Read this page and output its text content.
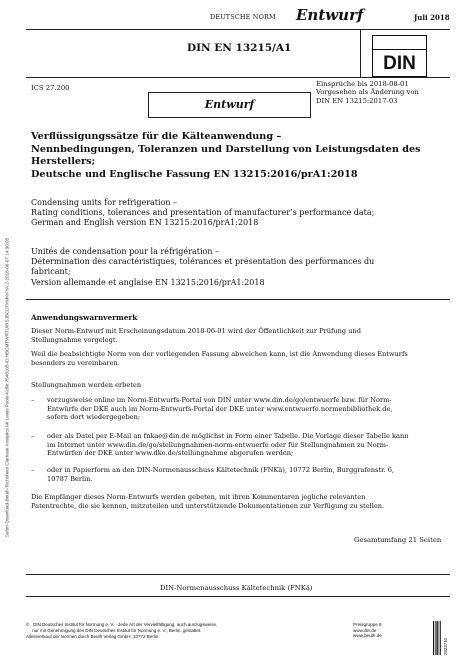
Sofort-Download-Beuth-Techsheet Clarivate Analytics Mr Lewis Poole-KdNr.7548105-ID.HBCMTWRTUIRSJBCDTKMKKYA.2-2018-06-07 14:30:05
DEUTSCHE NORM Entwurf	Juli 2018
DIN EN 13215/A1
DIN
ICS 27.200	Einsprüche bis 2018-08-01
Vorgesehen als Änderung von
DIN EN 13215:2017-03
Entwurf
Verflüssigungssätze für die Kälteanwendung –
Nennbedingungen, Toleranzen und Darstellung von Leistungsdaten des
Herstellers;
Deutsche und Englische Fassung EN 13215:2016/prA1:2018
Condensing units for refrigeration –
Rating conditions, tolerances and presentation of manufacturer’s performance data;
German and English version EN 13215:2016/prA1:2018
Unités de condensation pour la réfrigération –
Détermination des caractéristiques, tolérances et présentation des performances du
fabricant;
Version allemande et anglaise EN 13215:2016/prA1:2018
Anwendungswarnvermerk
Dieser Norm-Entwurf mit Erscheinungsdatum 2018-06-01 wird der Öffentlichkeit zur Prüfung und
Stellungnahme vorgelegt.
Weil die beabsichtigte Norm von der vorliegenden Fassung abweichen kann, ist die Anwendung dieses Entwurfs
besonders zu vereinbaren.
Stellungnahmen werden erbeten
– vorzugsweise online im Norm-Entwurfs-Portal von DIN unter www.din.de/go/entwuerfe bzw. für Norm-
Entwürfe der DKE auch im Norm-Entwurfs-Portal der DKE unter www.entwuerfe.normenbibliothek.de,
sofern dort wiedergegeben;
– oder als Datei per E-Mail an fnkae@din.de möglichst in Form einer Tabelle. Die Vorlage dieser Tabelle kann
im Internet unter www.din.de/go/stellungnahmen-norm-entwuerfe oder für Stellungnahmen zu Norm-
Entwürfen der DKE unter www.dke.de/stellungnahme abgerufen werden;
– oder in Papierform an den DIN-Normenausschuss Kältetechnik (FNKä), 10772 Berlin, Burggrafenstr. 6,
10787 Berlin.
Die Empfänger dieses Norm-Entwurfs werden gebeten, mit ihren Kommentaren jegliche relevanten
Patentrechte, die sie kennen, mitzuteilen und unterstützende Dokumentationen zur Verfügung zu stellen.
Gesamtumfang 21 Seiten
DIN-Normenausschuss Kältetechnik (FNKä)
©   DIN Deutsches Institut für Normung e. V. · Jede Art der Vervielfältigung, auch auszugsweise,
nur mit Genehmigung des DIN Deutsches Institut für Normung e. V., Berlin, gestattet.
Alleinverkauf der Normen durch Beuth Verlag GmbH, 10772 Berlin
Preisgruppe 8
www.din.de
www.beuth.de
2833740
